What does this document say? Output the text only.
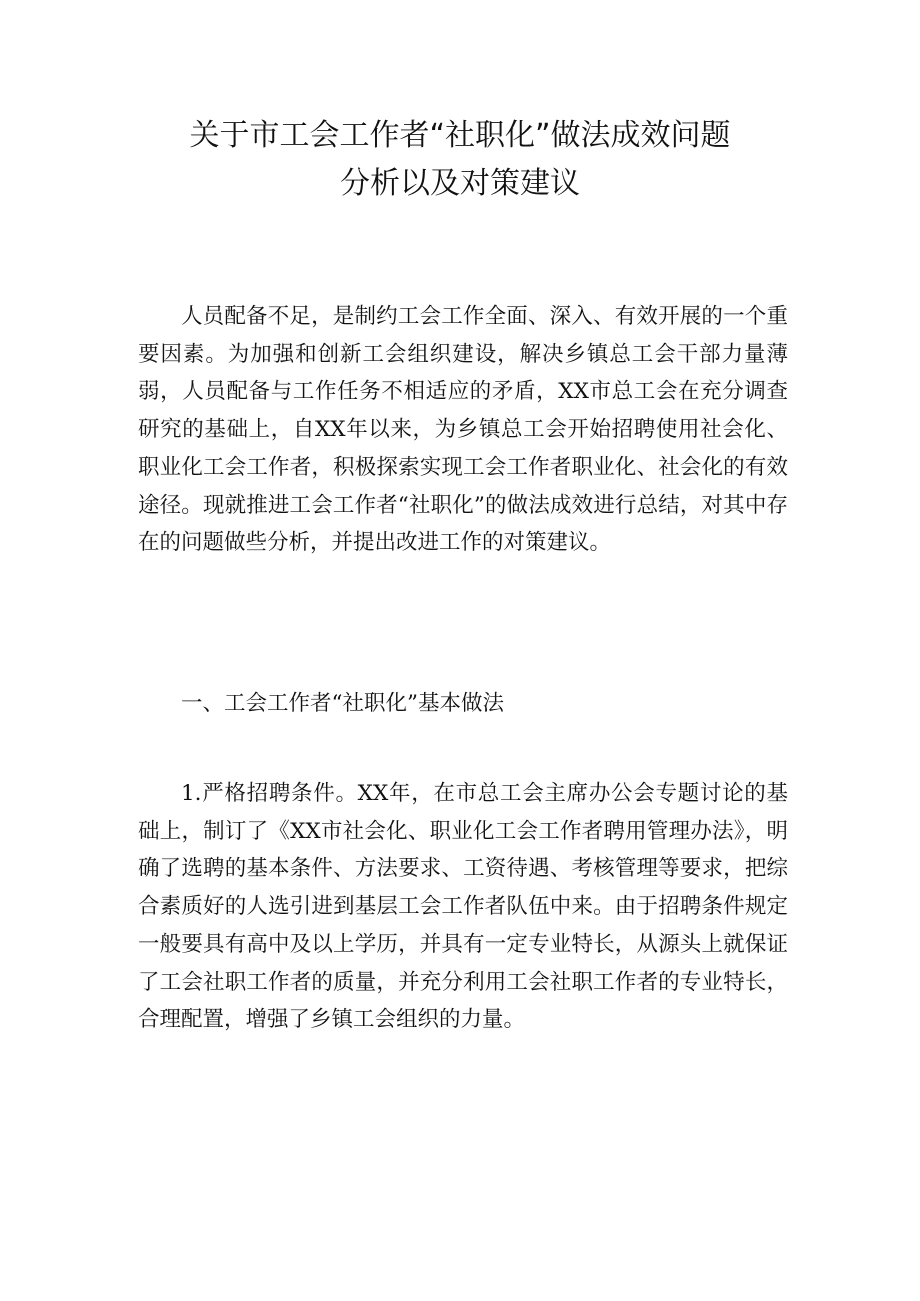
关于市工会工作者“社职化”做法成效问题
分析以及对策建议

人员配备不足，是制约工会工作全面、深入、有效开展的一个重要因素。为加强和创新工会组织建设，解决乡镇总工会干部力量薄弱，人员配备与工作任务不相适应的矛盾，XX市总工会在充分调查研究的基础上，自XX年以来，为乡镇总工会开始招聘使用社会化、职业化工会工作者，积极探索实现工会工作者职业化、社会化的有效途径。现就推进工会工作者“社职化”的做法成效进行总结，对其中存在的问题做些分析，并提出改进工作的对策建议。

一、工会工作者“社职化”基本做法

1.严格招聘条件。XX年，在市总工会主席办公会专题讨论的基础上，制订了《XX市社会化、职业化工会工作者聘用管理办法》，明确了选聘的基本条件、方法要求、工资待遇、考核管理等要求，把综合素质好的人选引进到基层工会工作者队伍中来。由于招聘条件规定一般要具有高中及以上学历，并具有一定专业特长，从源头上就保证了工会社职工作者的质量，并充分利用工会社职工作者的专业特长，合理配置，增强了乡镇工会组织的力量。
